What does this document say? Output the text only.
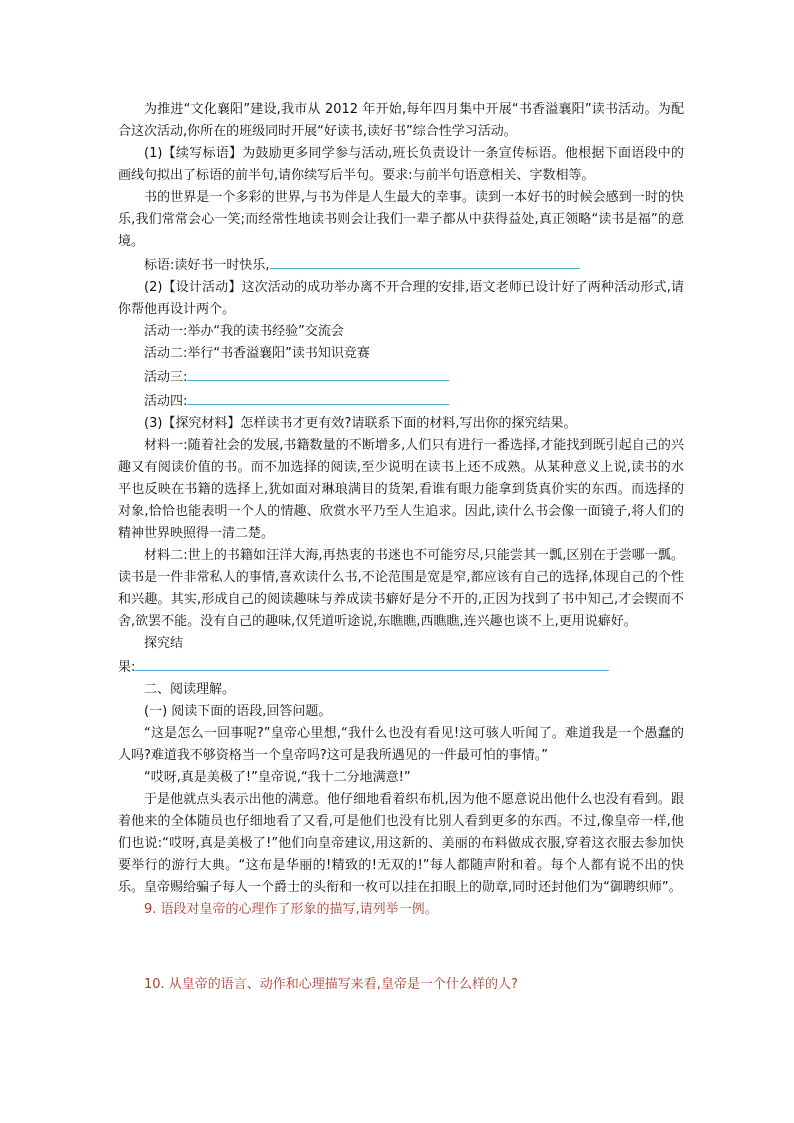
为推进“文化襄阳”建设,我市从 2012 年开始,每年四月集中开展“书香溢襄阳”读书活动。为配合这次活动,你所在的班级同时开展“好读书,读好书”综合性学习活动。

(1)【续写标语】为鼓励更多同学参与活动,班长负责设计一条宣传标语。他根据下面语段中的画线句拟出了标语的前半句,请你续写后半句。要求:与前半句语意相关、字数相等。

书的世界是一个多彩的世界,与书为伴是人生最大的幸事。读到一本好书的时候会感到一时的快乐,我们常常会心一笑;而经常性地读书则会让我们一辈子都从中获得益处,真正领略“读书是福”的意境。

标语:读好书一时快乐,

(2)【设计活动】这次活动的成功举办离不开合理的安排,语文老师已设计好了两种活动形式,请你帮他再设计两个。

活动一:举办“我的读书经验”交流会

活动二:举行“书香溢襄阳”读书知识竞赛

活动三:

活动四:

(3)【探究材料】怎样读书才更有效?请联系下面的材料,写出你的探究结果。

材料一:随着社会的发展,书籍数量的不断增多,人们只有进行一番选择,才能找到既引起自己的兴趣又有阅读价值的书。而不加选择的阅读,至少说明在读书上还不成熟。从某种意义上说,读书的水平也反映在书籍的选择上,犹如面对琳琅满目的货架,看谁有眼力能拿到货真价实的东西。而选择的对象,恰恰也能表明一个人的情趣、欣赏水平乃至人生追求。因此,读什么书会像一面镜子,将人们的精神世界映照得一清二楚。

材料二:世上的书籍如汪洋大海,再热衷的书迷也不可能穷尽,只能尝其一瓢,区别在于尝哪一瓢。读书是一件非常私人的事情,喜欢读什么书,不论范围是宽是窄,都应该有自己的选择,体现自己的个性和兴趣。其实,形成自己的阅读趣味与养成读书癖好是分不开的,正因为找到了书中知己,才会锲而不舍,欲罢不能。没有自己的趣味,仅凭道听途说,东瞧瞧,西瞧瞧,连兴趣也谈不上,更用说癖好。

探究结

果:

二、阅读理解。

(一) 阅读下面的语段,回答问题。

“这是怎么一回事呢?”皇帝心里想,“我什么也没有看见!这可骇人听闻了。难道我是一个愚蠢的人吗?难道我不够资格当一个皇帝吗?这可是我所遇见的一件最可怕的事情。”

“哎呀,真是美极了!”皇帝说,“我十二分地满意!”

于是他就点头表示出他的满意。他仔细地看着织布机,因为他不愿意说出他什么也没有看到。跟着他来的全体随员也仔细地看了又看,可是他们也没有比别人看到更多的东西。不过,像皇帝一样,他们也说:“哎呀,真是美极了!”他们向皇帝建议,用这新的、美丽的布料做成衣服,穿着这衣服去参加快要举行的游行大典。“这布是华丽的!精致的!无双的!”每人都随声附和着。每个人都有说不出的快乐。皇帝赐给骗子每人一个爵士的头衔和一枚可以挂在扣眼上的勋章,同时还封他们为“御聘织师”。

9. 语段对皇帝的心理作了形象的描写,请列举一例。

10. 从皇帝的语言、动作和心理描写来看,皇帝是一个什么样的人?
